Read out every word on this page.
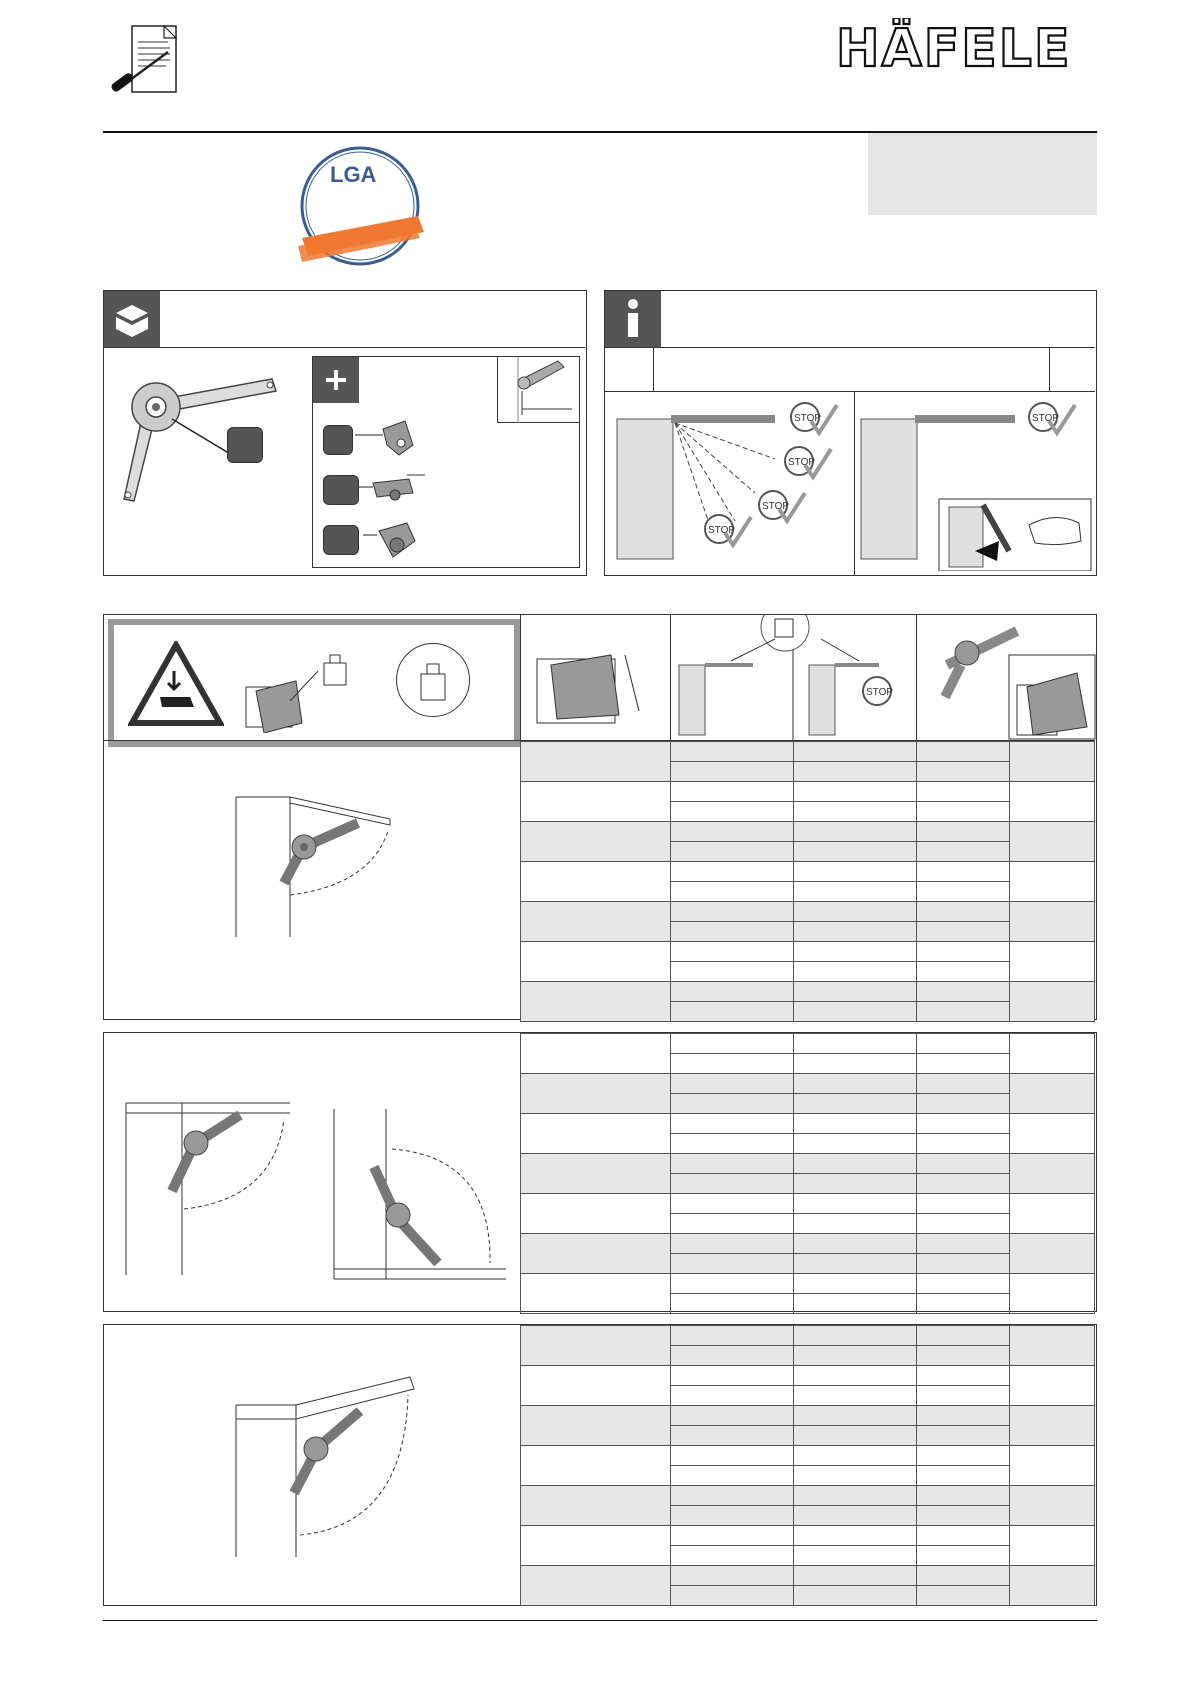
HÄFELE
LGA
STOP
STOP
STOP
STOP
STOP
STOP
